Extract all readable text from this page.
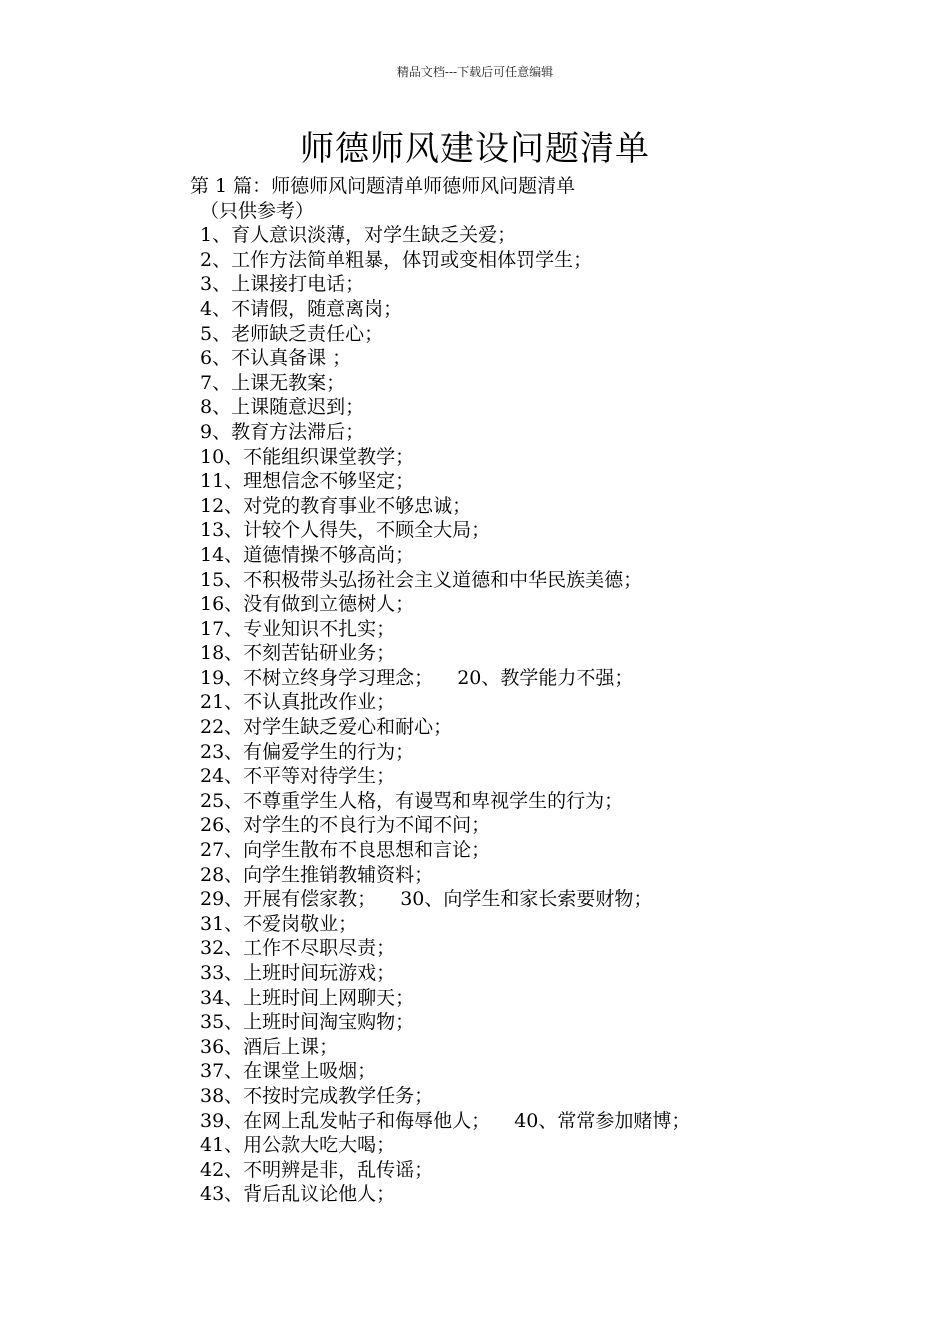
精品文档---下载后可任意编辑
师德师风建设问题清单
第 1 篇：师德师风问题清单师德师风问题清单
（只供参考）
1、育人意识淡薄，对学生缺乏关爱；
2、工作方法简单粗暴，体罚或变相体罚学生；
3、上课接打电话；
4、不请假，随意离岗；
5、老师缺乏责任心；
6、不认真备课 ；
7、上课无教案；
8、上课随意迟到；
9、教育方法滞后；
10、不能组织课堂教学；
11、理想信念不够坚定；
12、对党的教育事业不够忠诚；
13、计较个人得失，不顾全大局；
14、道德情操不够高尚；
15、不积极带头弘扬社会主义道德和中华民族美德；
16、没有做到立德树人；
17、专业知识不扎实；
18、不刻苦钻研业务；
19、不树立终身学习理念； 20、教学能力不强；
21、不认真批改作业；
22、对学生缺乏爱心和耐心；
23、有偏爱学生的行为；
24、不平等对待学生；
25、不尊重学生人格，有谩骂和卑视学生的行为；
26、对学生的不良行为不闻不问；
27、向学生散布不良思想和言论；
28、向学生推销教辅资料；
29、开展有偿家教； 30、向学生和家长索要财物；
31、不爱岗敬业；
32、工作不尽职尽责；
33、上班时间玩游戏；
34、上班时间上网聊天；
35、上班时间淘宝购物；
36、酒后上课；
37、在课堂上吸烟；
38、不按时完成教学任务；
39、在网上乱发帖子和侮辱他人； 40、常常参加赌博；
41、用公款大吃大喝；
42、不明辨是非，乱传谣；
43、背后乱议论他人；
